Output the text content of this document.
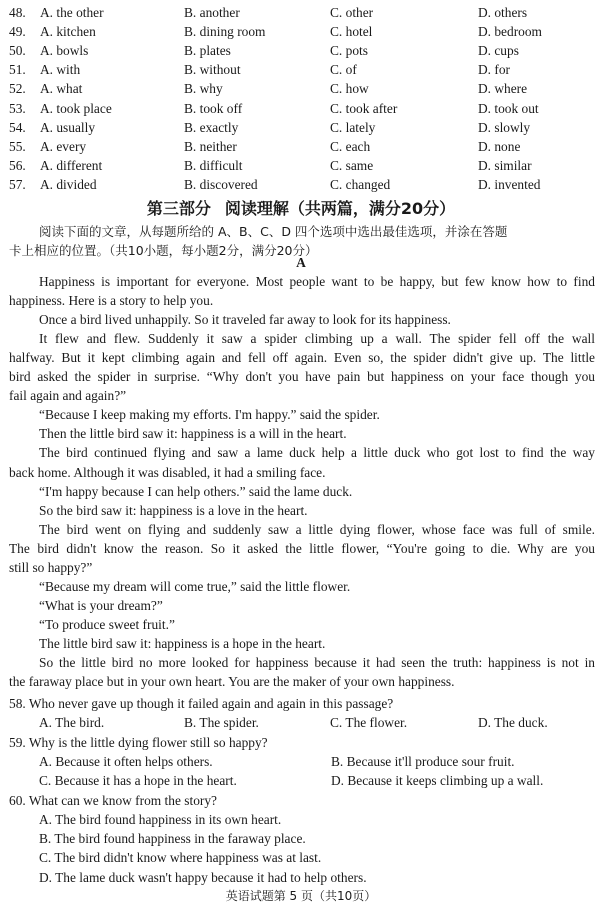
48. A. the other	B. another	C. other	D. others
49. A. kitchen	B. dining room	C. hotel	D. bedroom
50. A. bowls	B. plates	C. pots	D. cups
51. A. with	B. without	C. of	D. for
52. A. what	B. why	C. how	D. where
53. A. took place	B. took off	C. took after	D. took out
54. A. usually	B. exactly	C. lately	D. slowly
55. A. every	B. neither	C. each	D. none
56. A. different	B. difficult	C. same	D. similar
57. A. divided	B. discovered	C. changed	D. invented
第三部分 阅读理解（共两篇，满分20分）
阅读下面的文章，从每题所给的 A、B、C、D 四个选项中选出最佳选项，并涂在答题
卡上相应的位置。（共10小题，每小题2分，满分20分）
A
Happiness is important for everyone. Most people want to be happy, but few know how to find
happiness. Here is a story to help you.
Once a bird lived unhappily. So it traveled far away to look for its happiness.
It flew and flew. Suddenly it saw a spider climbing up a wall. The spider fell off the wall
halfway. But it kept climbing again and fell off again. Even so, the spider didn't give up. The little
bird asked the spider in surprise. “Why don't you have pain but happiness on your face though you
fail again and again?”
“Because I keep making my efforts. I'm happy.” said the spider.
Then the little bird saw it: happiness is a will in the heart.
The bird continued flying and saw a lame duck help a little duck who got lost to find the way
back home. Although it was disabled, it had a smiling face.
“I'm happy because I can help others.” said the lame duck.
So the bird saw it: happiness is a love in the heart.
The bird went on flying and suddenly saw a little dying flower, whose face was full of smile.
The bird didn't know the reason. So it asked the little flower, “You're going to die. Why are you
still so happy?”
“Because my dream will come true,” said the little flower.
“What is your dream?”
“To produce sweet fruit.”
The little bird saw it: happiness is a hope in the heart.
So the little bird no more looked for happiness because it had seen the truth: happiness is not in
the faraway place but in your own heart. You are the maker of your own happiness.
58. Who never gave up though it failed again and again in this passage?
A. The bird.	B. The spider.	C. The flower.	D. The duck.
59. Why is the little dying flower still so happy?
A. Because it often helps others.	B. Because it'll produce sour fruit.
C. Because it has a hope in the heart.	D. Because it keeps climbing up a wall.
60. What can we know from the story?
A. The bird found happiness in its own heart.
B. The bird found happiness in the faraway place.
C. The bird didn't know where happiness was at last.
D. The lame duck wasn't happy because it had to help others.
英语试题第 5 页（共10页）
